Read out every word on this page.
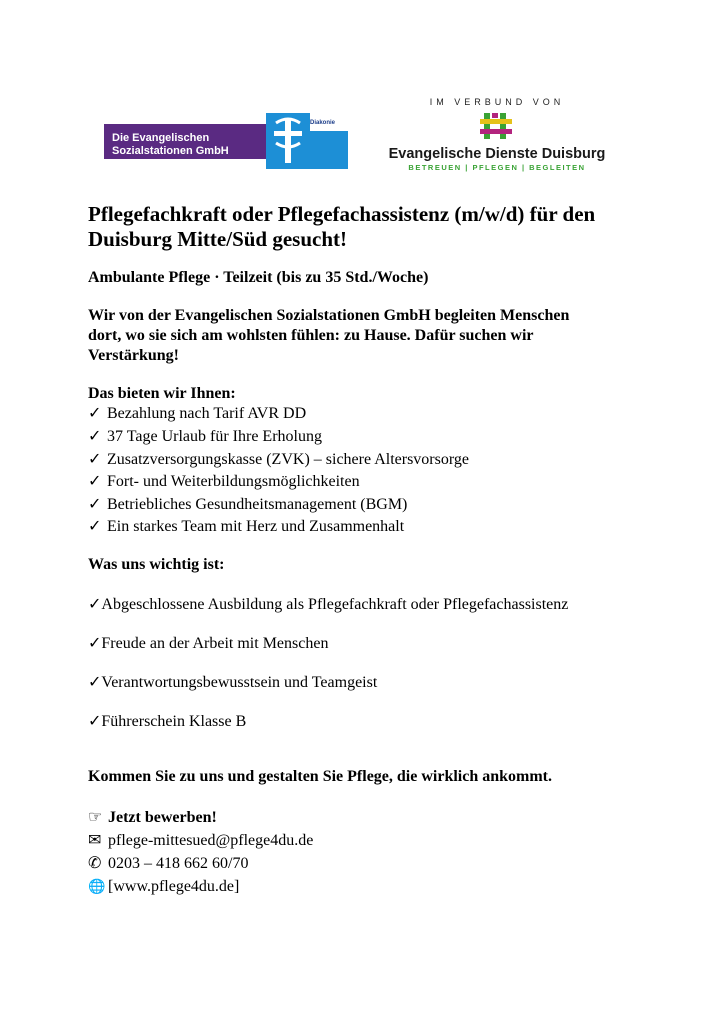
Die Evangelischen
Sozialstationen GmbH
Diakonie
IM VERBUND VON
Evangelische Dienste Duisburg
BETREUEN | PFLEGEN | BEGLEITEN
Pflegefachkraft oder Pflegefachassistenz (m/w/d) für den
Duisburg Mitte/Süd gesucht!
Ambulante Pflege · Teilzeit (bis zu 35 Std./Woche)
Wir von der Evangelischen Sozialstationen GmbH begleiten Menschen
dort, wo sie sich am wohlsten fühlen: zu Hause. Dafür suchen wir
Verstärkung!
Das bieten wir Ihnen:
✓ Bezahlung nach Tarif AVR DD
✓ 37 Tage Urlaub für Ihre Erholung
✓ Zusatzversorgungskasse (ZVK) – sichere Altersvorsorge
✓ Fort- und Weiterbildungsmöglichkeiten
✓ Betriebliches Gesundheitsmanagement (BGM)
✓ Ein starkes Team mit Herz und Zusammenhalt
Was uns wichtig ist:
✓Abgeschlossene Ausbildung als Pflegefachkraft oder Pflegefachassistenz
✓Freude an der Arbeit mit Menschen
✓Verantwortungsbewusstsein und Teamgeist
✓Führerschein Klasse B
Kommen Sie zu uns und gestalten Sie Pflege, die wirklich ankommt.
☞ Jetzt bewerben!
✉ pflege-mittesued@pflege4du.de
✆ 0203 – 418 662 60/70
🌐 [www.pflege4du.de]
